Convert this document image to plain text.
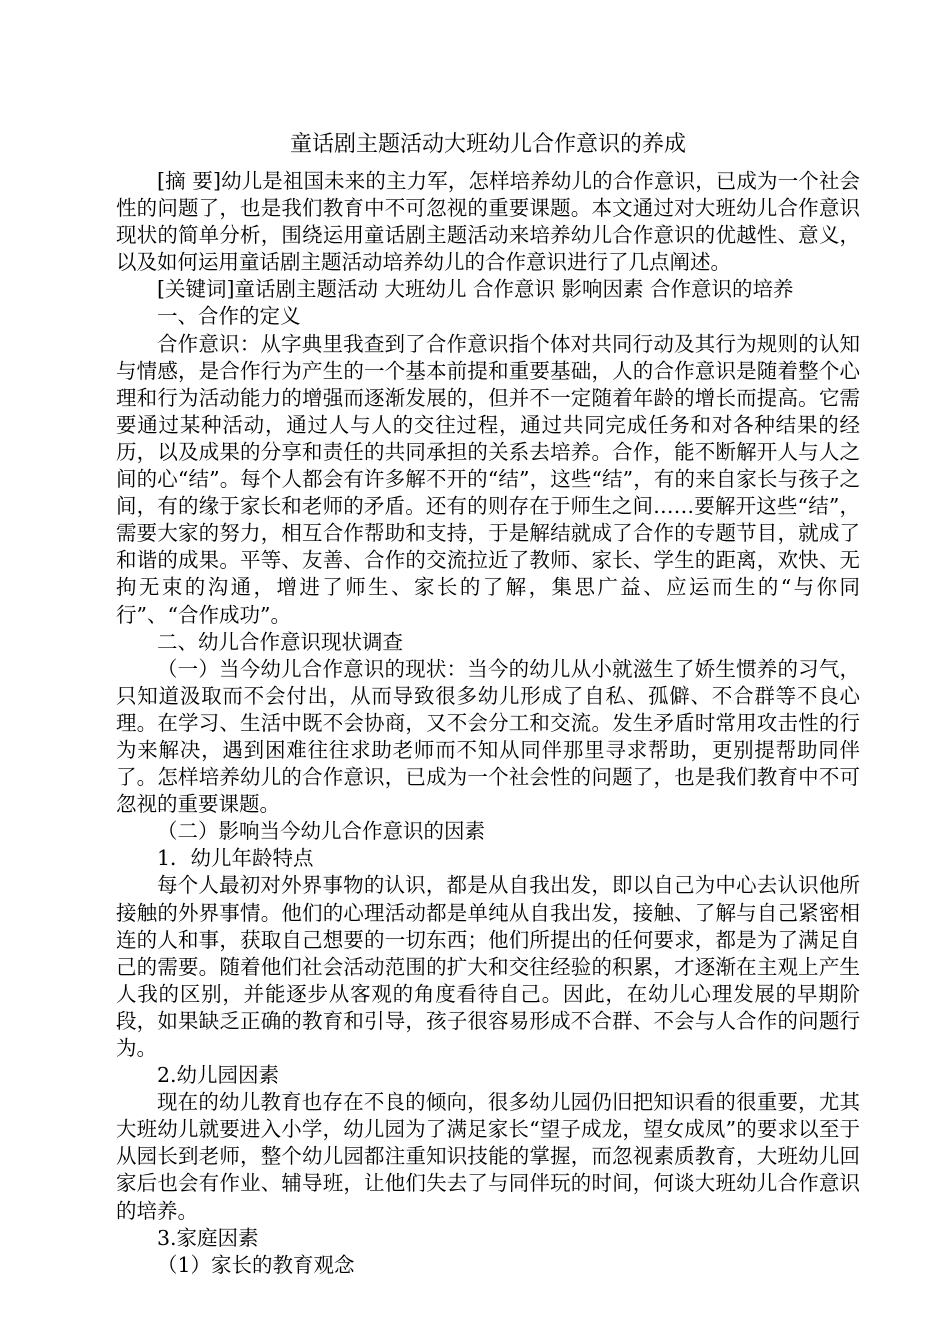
童话剧主题活动大班幼儿合作意识的养成

[摘 要]幼儿是祖国未来的主力军，怎样培养幼儿的合作意识，已成为一个社会性的问题了，也是我们教育中不可忽视的重要课题。本文通过对大班幼儿合作意识现状的简单分析，围绕运用童话剧主题活动来培养幼儿合作意识的优越性、意义，以及如何运用童话剧主题活动培养幼儿的合作意识进行了几点阐述。

[关键词]童话剧主题活动 大班幼儿 合作意识 影响因素 合作意识的培养

一、合作的定义

合作意识：从字典里我查到了合作意识指个体对共同行动及其行为规则的认知与情感，是合作行为产生的一个基本前提和重要基础，人的合作意识是随着整个心理和行为活动能力的增强而逐渐发展的，但并不一定随着年龄的增长而提高。它需要通过某种活动，通过人与人的交往过程，通过共同完成任务和对各种结果的经历，以及成果的分享和责任的共同承担的关系去培养。合作，能不断解开人与人之间的心“结”。每个人都会有许多解不开的“结”，这些“结”，有的来自家长与孩子之间，有的缘于家长和老师的矛盾。还有的则存在于师生之间……要解开这些“结”，需要大家的努力，相互合作帮助和支持，于是解结就成了合作的专题节目，就成了和谐的成果。平等、友善、合作的交流拉近了教师、家长、学生的距离，欢快、无拘无束的沟通，增进了师生、家长的了解，集思广益、应运而生的“与你同行”、“合作成功”。

二、幼儿合作意识现状调查

（一）当今幼儿合作意识的现状：当今的幼儿从小就滋生了娇生惯养的习气，只知道汲取而不会付出，从而导致很多幼儿形成了自私、孤僻、不合群等不良心理。在学习、生活中既不会协商，又不会分工和交流。发生矛盾时常用攻击性的行为来解决，遇到困难往往求助老师而不知从同伴那里寻求帮助，更别提帮助同伴了。怎样培养幼儿的合作意识，已成为一个社会性的问题了，也是我们教育中不可忽视的重要课题。

（二）影响当今幼儿合作意识的因素

1．幼儿年龄特点

每个人最初对外界事物的认识，都是从自我出发，即以自己为中心去认识他所接触的外界事情。他们的心理活动都是单纯从自我出发，接触、了解与自己紧密相连的人和事，获取自己想要的一切东西；他们所提出的任何要求，都是为了满足自己的需要。随着他们社会活动范围的扩大和交往经验的积累，才逐渐在主观上产生人我的区别，并能逐步从客观的角度看待自己。因此，在幼儿心理发展的早期阶段，如果缺乏正确的教育和引导，孩子很容易形成不合群、不会与人合作的问题行为。

2.幼儿园因素

现在的幼儿教育也存在不良的倾向，很多幼儿园仍旧把知识看的很重要，尤其大班幼儿就要进入小学，幼儿园为了满足家长“望子成龙，望女成凤”的要求以至于从园长到老师，整个幼儿园都注重知识技能的掌握，而忽视素质教育，大班幼儿回家后也会有作业、辅导班，让他们失去了与同伴玩的时间，何谈大班幼儿合作意识的培养。

3.家庭因素

（1）家长的教育观念
